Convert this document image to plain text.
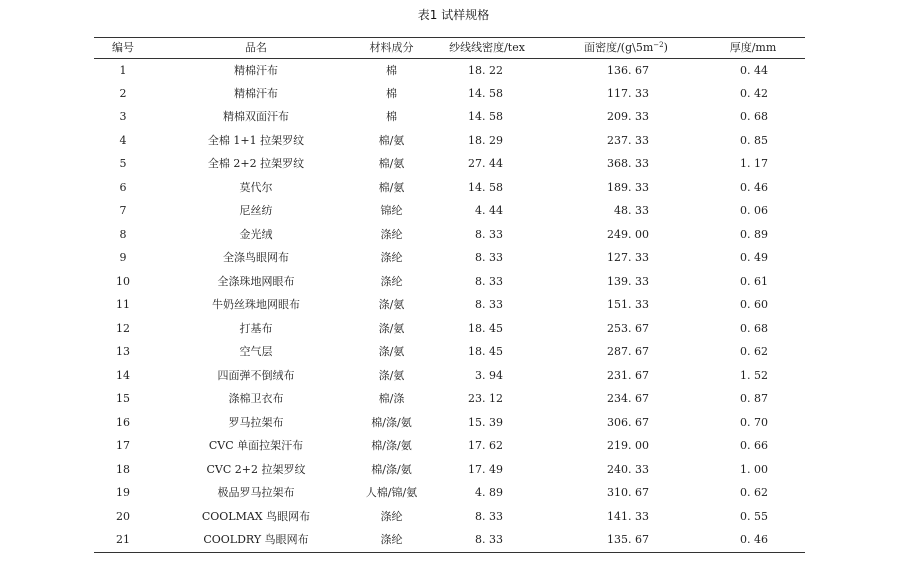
表1 试样规格
编号	品名	材料成分	纱线线密度/tex	面密度$/(g\backslash 5m^{-2})$	厚度/mm
1	精棉汗布	棉	18. 22	136. 67	0. 44
2	精棉汗布	棉	14. 58	117. 33	0. 42
3	精棉双面汗布	棉	14. 58	209. 33	0. 68
4	全棉 1+1 拉架罗纹	棉/氨	18. 29	237. 33	0. 85
5	全棉 2+2 拉架罗纹	棉/氨	27. 44	368. 33	1. 17
6	莫代尔	棉/氨	14. 58	189. 33	0. 46
7	尼丝纺	锦纶	4. 44	48. 33	0. 06
8	金光绒	涤纶	8. 33	249. 00	0. 89
9	全涤鸟眼网布	涤纶	8. 33	127. 33	0. 49
10	全涤珠地网眼布	涤纶	8. 33	139. 33	0. 61
11	牛奶丝珠地网眼布	涤/氨	8. 33	151. 33	0. 60
12	打基布	涤/氨	18. 45	253. 67	0. 68
13	空气层	涤/氨	18. 45	287. 67	0. 62
14	四面弹不倒绒布	涤/氨	3. 94	231. 67	1. 52
15	涤棉卫衣布	棉/涤	23. 12	234. 67	0. 87
16	罗马拉架布	棉/涤/氨	15. 39	306. 67	0. 70
17	CVC 单面拉架汗布	棉/涤/氨	17. 62	219. 00	0. 66
18	CVC 2+2 拉架罗纹	棉/涤/氨	17. 49	240. 33	1. 00
19	极品罗马拉架布	人棉/锦/氨	4. 89	310. 67	0. 62
20	COOLMAX 鸟眼网布	涤纶	8. 33	141. 33	0. 55
21	COOLDRY 鸟眼网布	涤纶	8. 33	135. 67	0. 46
